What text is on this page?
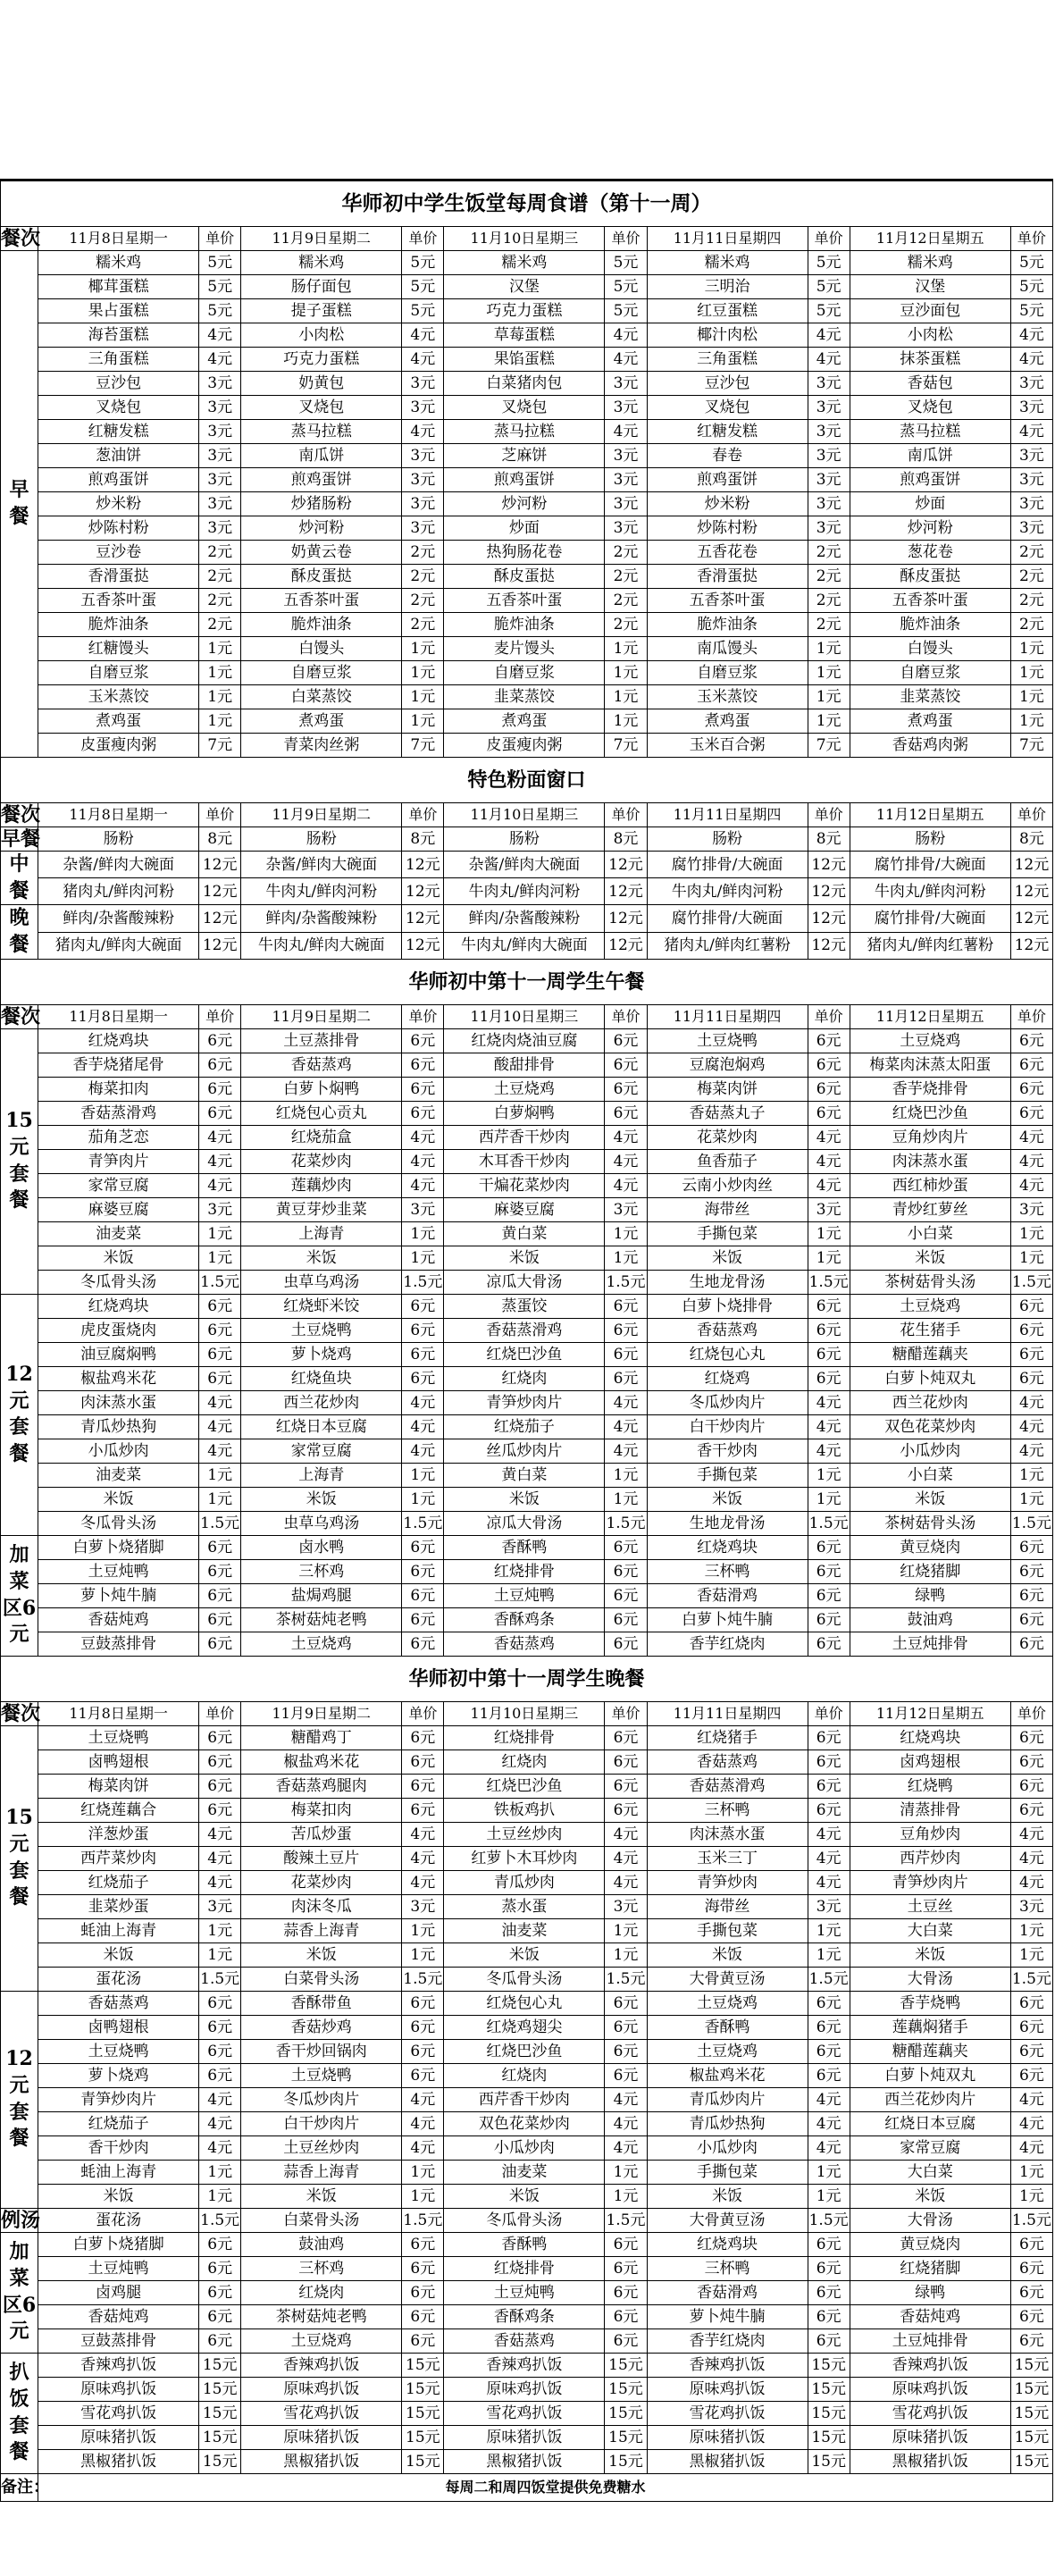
华师初中学生饭堂每周食谱（第十一周）										
餐次	11月8日星期一	单价	11月9日星期二	单价	11月10日星期三	单价	11月11日星期四	单价	11月12日星期五	单价
早餐	糯米鸡	5元	糯米鸡	5元	糯米鸡	5元	糯米鸡	5元	糯米鸡	5元
	椰茸蛋糕	5元	肠仔面包	5元	汉堡	5元	三明治	5元	汉堡	5元
	果占蛋糕	5元	提子蛋糕	5元	巧克力蛋糕	5元	红豆蛋糕	5元	豆沙面包	5元
	海苔蛋糕	4元	小肉松	4元	草莓蛋糕	4元	椰汁肉松	4元	小肉松	4元
	三角蛋糕	4元	巧克力蛋糕	4元	果馅蛋糕	4元	三角蛋糕	4元	抹茶蛋糕	4元
	豆沙包	3元	奶黄包	3元	白菜猪肉包	3元	豆沙包	3元	香菇包	3元
	叉烧包	3元	叉烧包	3元	叉烧包	3元	叉烧包	3元	叉烧包	3元
	红糖发糕	3元	蒸马拉糕	4元	蒸马拉糕	4元	红糖发糕	3元	蒸马拉糕	4元
	葱油饼	3元	南瓜饼	3元	芝麻饼	3元	春卷	3元	南瓜饼	3元
	煎鸡蛋饼	3元	煎鸡蛋饼	3元	煎鸡蛋饼	3元	煎鸡蛋饼	3元	煎鸡蛋饼	3元
	炒米粉	3元	炒猪肠粉	3元	炒河粉	3元	炒米粉	3元	炒面	3元
	炒陈村粉	3元	炒河粉	3元	炒面	3元	炒陈村粉	3元	炒河粉	3元
	豆沙卷	2元	奶黄云卷	2元	热狗肠花卷	2元	五香花卷	2元	葱花卷	2元
	香滑蛋挞	2元	酥皮蛋挞	2元	酥皮蛋挞	2元	香滑蛋挞	2元	酥皮蛋挞	2元
	五香茶叶蛋	2元	五香茶叶蛋	2元	五香茶叶蛋	2元	五香茶叶蛋	2元	五香茶叶蛋	2元
	脆炸油条	2元	脆炸油条	2元	脆炸油条	2元	脆炸油条	2元	脆炸油条	2元
	红糖馒头	1元	白馒头	1元	麦片馒头	1元	南瓜馒头	1元	白馒头	1元
	自磨豆浆	1元	自磨豆浆	1元	自磨豆浆	1元	自磨豆浆	1元	自磨豆浆	1元
	玉米蒸饺	1元	白菜蒸饺	1元	韭菜蒸饺	1元	玉米蒸饺	1元	韭菜蒸饺	1元
	煮鸡蛋	1元	煮鸡蛋	1元	煮鸡蛋	1元	煮鸡蛋	1元	煮鸡蛋	1元
	皮蛋瘦肉粥	7元	青菜肉丝粥	7元	皮蛋瘦肉粥	7元	玉米百合粥	7元	香菇鸡肉粥	7元
特色粉面窗口										
餐次	11月8日星期一	单价	11月9日星期二	单价	11月10日星期三	单价	11月11日星期四	单价	11月12日星期五	单价
早餐	肠粉	8元	肠粉	8元	肠粉	8元	肠粉	8元	肠粉	8元
中餐	杂酱/鲜肉大碗面	12元	杂酱/鲜肉大碗面	12元	杂酱/鲜肉大碗面	12元	腐竹排骨/大碗面	12元	腐竹排骨/大碗面	12元
	猪肉丸/鲜肉河粉	12元	牛肉丸/鲜肉河粉	12元	牛肉丸/鲜肉河粉	12元	牛肉丸/鲜肉河粉	12元	牛肉丸/鲜肉河粉	12元
晚餐	鲜肉/杂酱酸辣粉	12元	鲜肉/杂酱酸辣粉	12元	鲜肉/杂酱酸辣粉	12元	腐竹排骨/大碗面	12元	腐竹排骨/大碗面	12元
	猪肉丸/鲜肉大碗面	12元	牛肉丸/鲜肉大碗面	12元	牛肉丸/鲜肉大碗面	12元	猪肉丸/鲜肉红薯粉	12元	猪肉丸/鲜肉红薯粉	12元
华师初中第十一周学生午餐										
餐次	11月8日星期一	单价	11月9日星期二	单价	11月10日星期三	单价	11月11日星期四	单价	11月12日星期五	单价
15元套餐	红烧鸡块	6元	土豆蒸排骨	6元	红烧肉烧油豆腐	6元	土豆烧鸭	6元	土豆烧鸡	6元
	香芋烧猪尾骨	6元	香菇蒸鸡	6元	酸甜排骨	6元	豆腐泡焖鸡	6元	梅菜肉沫蒸太阳蛋	6元
	梅菜扣肉	6元	白萝卜焖鸭	6元	土豆烧鸡	6元	梅菜肉饼	6元	香芋烧排骨	6元
	香菇蒸滑鸡	6元	红烧包心贡丸	6元	白萝焖鸭	6元	香菇蒸丸子	6元	红烧巴沙鱼	6元
	茄角芝恋	4元	红烧茄盒	4元	西芹香干炒肉	4元	花菜炒肉	4元	豆角炒肉片	4元
	青笋肉片	4元	花菜炒肉	4元	木耳香干炒肉	4元	鱼香茄子	4元	肉沫蒸水蛋	4元
	家常豆腐	4元	莲藕炒肉	4元	干煸花菜炒肉	4元	云南小炒肉丝	4元	西红柿炒蛋	4元
	麻婆豆腐	3元	黄豆芽炒韭菜	3元	麻婆豆腐	3元	海带丝	3元	青炒红萝丝	3元
	油麦菜	1元	上海青	1元	黄白菜	1元	手撕包菜	1元	小白菜	1元
	米饭	1元	米饭	1元	米饭	1元	米饭	1元	米饭	1元
	冬瓜骨头汤	1.5元	虫草乌鸡汤	1.5元	凉瓜大骨汤	1.5元	生地龙骨汤	1.5元	茶树菇骨头汤	1.5元
12元套餐	红烧鸡块	6元	红烧虾米饺	6元	蒸蛋饺	6元	白萝卜烧排骨	6元	土豆烧鸡	6元
	虎皮蛋烧肉	6元	土豆烧鸭	6元	香菇蒸滑鸡	6元	香菇蒸鸡	6元	花生猪手	6元
	油豆腐焖鸭	6元	萝卜烧鸡	6元	红烧巴沙鱼	6元	红烧包心丸	6元	糖醋莲藕夹	6元
	椒盐鸡米花	6元	红烧鱼块	6元	红烧肉	6元	红烧鸡	6元	白萝卜炖双丸	6元
	肉沫蒸水蛋	4元	西兰花炒肉	4元	青笋炒肉片	4元	冬瓜炒肉片	4元	西兰花炒肉	4元
	青瓜炒热狗	4元	红烧日本豆腐	4元	红烧茄子	4元	白干炒肉片	4元	双色花菜炒肉	4元
	小瓜炒肉	4元	家常豆腐	4元	丝瓜炒肉片	4元	香干炒肉	4元	小瓜炒肉	4元
	油麦菜	1元	上海青	1元	黄白菜	1元	手撕包菜	1元	小白菜	1元
	米饭	1元	米饭	1元	米饭	1元	米饭	1元	米饭	1元
	冬瓜骨头汤	1.5元	虫草乌鸡汤	1.5元	凉瓜大骨汤	1.5元	生地龙骨汤	1.5元	茶树菇骨头汤	1.5元
加菜区6元	白萝卜烧猪脚	6元	卤水鸭	6元	香酥鸭	6元	红烧鸡块	6元	黄豆烧肉	6元
	土豆炖鸭	6元	三杯鸡	6元	红烧排骨	6元	三杯鸭	6元	红烧猪脚	6元
	萝卜炖牛腩	6元	盐焗鸡腿	6元	土豆炖鸭	6元	香菇滑鸡	6元	绿鸭	6元
	香菇炖鸡	6元	茶树菇炖老鸭	6元	香酥鸡条	6元	白萝卜炖牛腩	6元	鼓油鸡	6元
	豆鼓蒸排骨	6元	土豆烧鸡	6元	香菇蒸鸡	6元	香芋红烧肉	6元	土豆炖排骨	6元
华师初中第十一周学生晚餐										
餐次	11月8日星期一	单价	11月9日星期二	单价	11月10日星期三	单价	11月11日星期四	单价	11月12日星期五	单价
15元套餐	土豆烧鸭	6元	糖醋鸡丁	6元	红烧排骨	6元	红烧猪手	6元	红烧鸡块	6元
	卤鸭翅根	6元	椒盐鸡米花	6元	红烧肉	6元	香菇蒸鸡	6元	卤鸡翅根	6元
	梅菜肉饼	6元	香菇蒸鸡腿肉	6元	红烧巴沙鱼	6元	香菇蒸滑鸡	6元	红烧鸭	6元
	红烧莲藕合	6元	梅菜扣肉	6元	铁板鸡扒	6元	三杯鸭	6元	清蒸排骨	6元
	洋葱炒蛋	4元	苦瓜炒蛋	4元	土豆丝炒肉	4元	肉沫蒸水蛋	4元	豆角炒肉	4元
	西芹菜炒肉	4元	酸辣土豆片	4元	红萝卜木耳炒肉	4元	玉米三丁	4元	西芹炒肉	4元
	红烧茄子	4元	花菜炒肉	4元	青瓜炒肉	4元	青笋炒肉	4元	青笋炒肉片	4元
	韭菜炒蛋	3元	肉沫冬瓜	3元	蒸水蛋	3元	海带丝	3元	土豆丝	3元
	蚝油上海青	1元	蒜香上海青	1元	油麦菜	1元	手撕包菜	1元	大白菜	1元
	米饭	1元	米饭	1元	米饭	1元	米饭	1元	米饭	1元
	蛋花汤	1.5元	白菜骨头汤	1.5元	冬瓜骨头汤	1.5元	大骨黄豆汤	1.5元	大骨汤	1.5元
12元套餐	香菇蒸鸡	6元	香酥带鱼	6元	红烧包心丸	6元	土豆烧鸡	6元	香芋烧鸭	6元
	卤鸭翅根	6元	香菇炒鸡	6元	红烧鸡翅尖	6元	香酥鸭	6元	莲藕焖猪手	6元
	土豆烧鸭	6元	香干炒回锅肉	6元	红烧巴沙鱼	6元	土豆烧鸡	6元	糖醋莲藕夹	6元
	萝卜烧鸡	6元	土豆烧鸭	6元	红烧肉	6元	椒盐鸡米花	6元	白萝卜炖双丸	6元
	青笋炒肉片	4元	冬瓜炒肉片	4元	西芹香干炒肉	4元	青瓜炒肉片	4元	西兰花炒肉片	4元
	红烧茄子	4元	白干炒肉片	4元	双色花菜炒肉	4元	青瓜炒热狗	4元	红烧日本豆腐	4元
	香干炒肉	4元	土豆丝炒肉	4元	小瓜炒肉	4元	小瓜炒肉	4元	家常豆腐	4元
	蚝油上海青	1元	蒜香上海青	1元	油麦菜	1元	手撕包菜	1元	大白菜	1元
	米饭	1元	米饭	1元	米饭	1元	米饭	1元	米饭	1元
例汤	蛋花汤	1.5元	白菜骨头汤	1.5元	冬瓜骨头汤	1.5元	大骨黄豆汤	1.5元	大骨汤	1.5元
加菜区6元	白萝卜烧猪脚	6元	鼓油鸡	6元	香酥鸭	6元	红烧鸡块	6元	黄豆烧肉	6元
	土豆炖鸭	6元	三杯鸡	6元	红烧排骨	6元	三杯鸭	6元	红烧猪脚	6元
	卤鸡腿	6元	红烧肉	6元	土豆炖鸭	6元	香菇滑鸡	6元	绿鸭	6元
	香菇炖鸡	6元	茶树菇炖老鸭	6元	香酥鸡条	6元	萝卜炖牛腩	6元	香菇炖鸡	6元
	豆鼓蒸排骨	6元	土豆烧鸡	6元	香菇蒸鸡	6元	香芋红烧肉	6元	土豆炖排骨	6元
扒饭套餐	香辣鸡扒饭	15元	香辣鸡扒饭	15元	香辣鸡扒饭	15元	香辣鸡扒饭	15元	香辣鸡扒饭	15元
	原味鸡扒饭	15元	原味鸡扒饭	15元	原味鸡扒饭	15元	原味鸡扒饭	15元	原味鸡扒饭	15元
	雪花鸡扒饭	15元	雪花鸡扒饭	15元	雪花鸡扒饭	15元	雪花鸡扒饭	15元	雪花鸡扒饭	15元
	原味猪扒饭	15元	原味猪扒饭	15元	原味猪扒饭	15元	原味猪扒饭	15元	原味猪扒饭	15元
	黑椒猪扒饭	15元	黑椒猪扒饭	15元	黑椒猪扒饭	15元	黑椒猪扒饭	15元	黑椒猪扒饭	15元
备注：	每周二和周四饭堂提供免费糖水									
